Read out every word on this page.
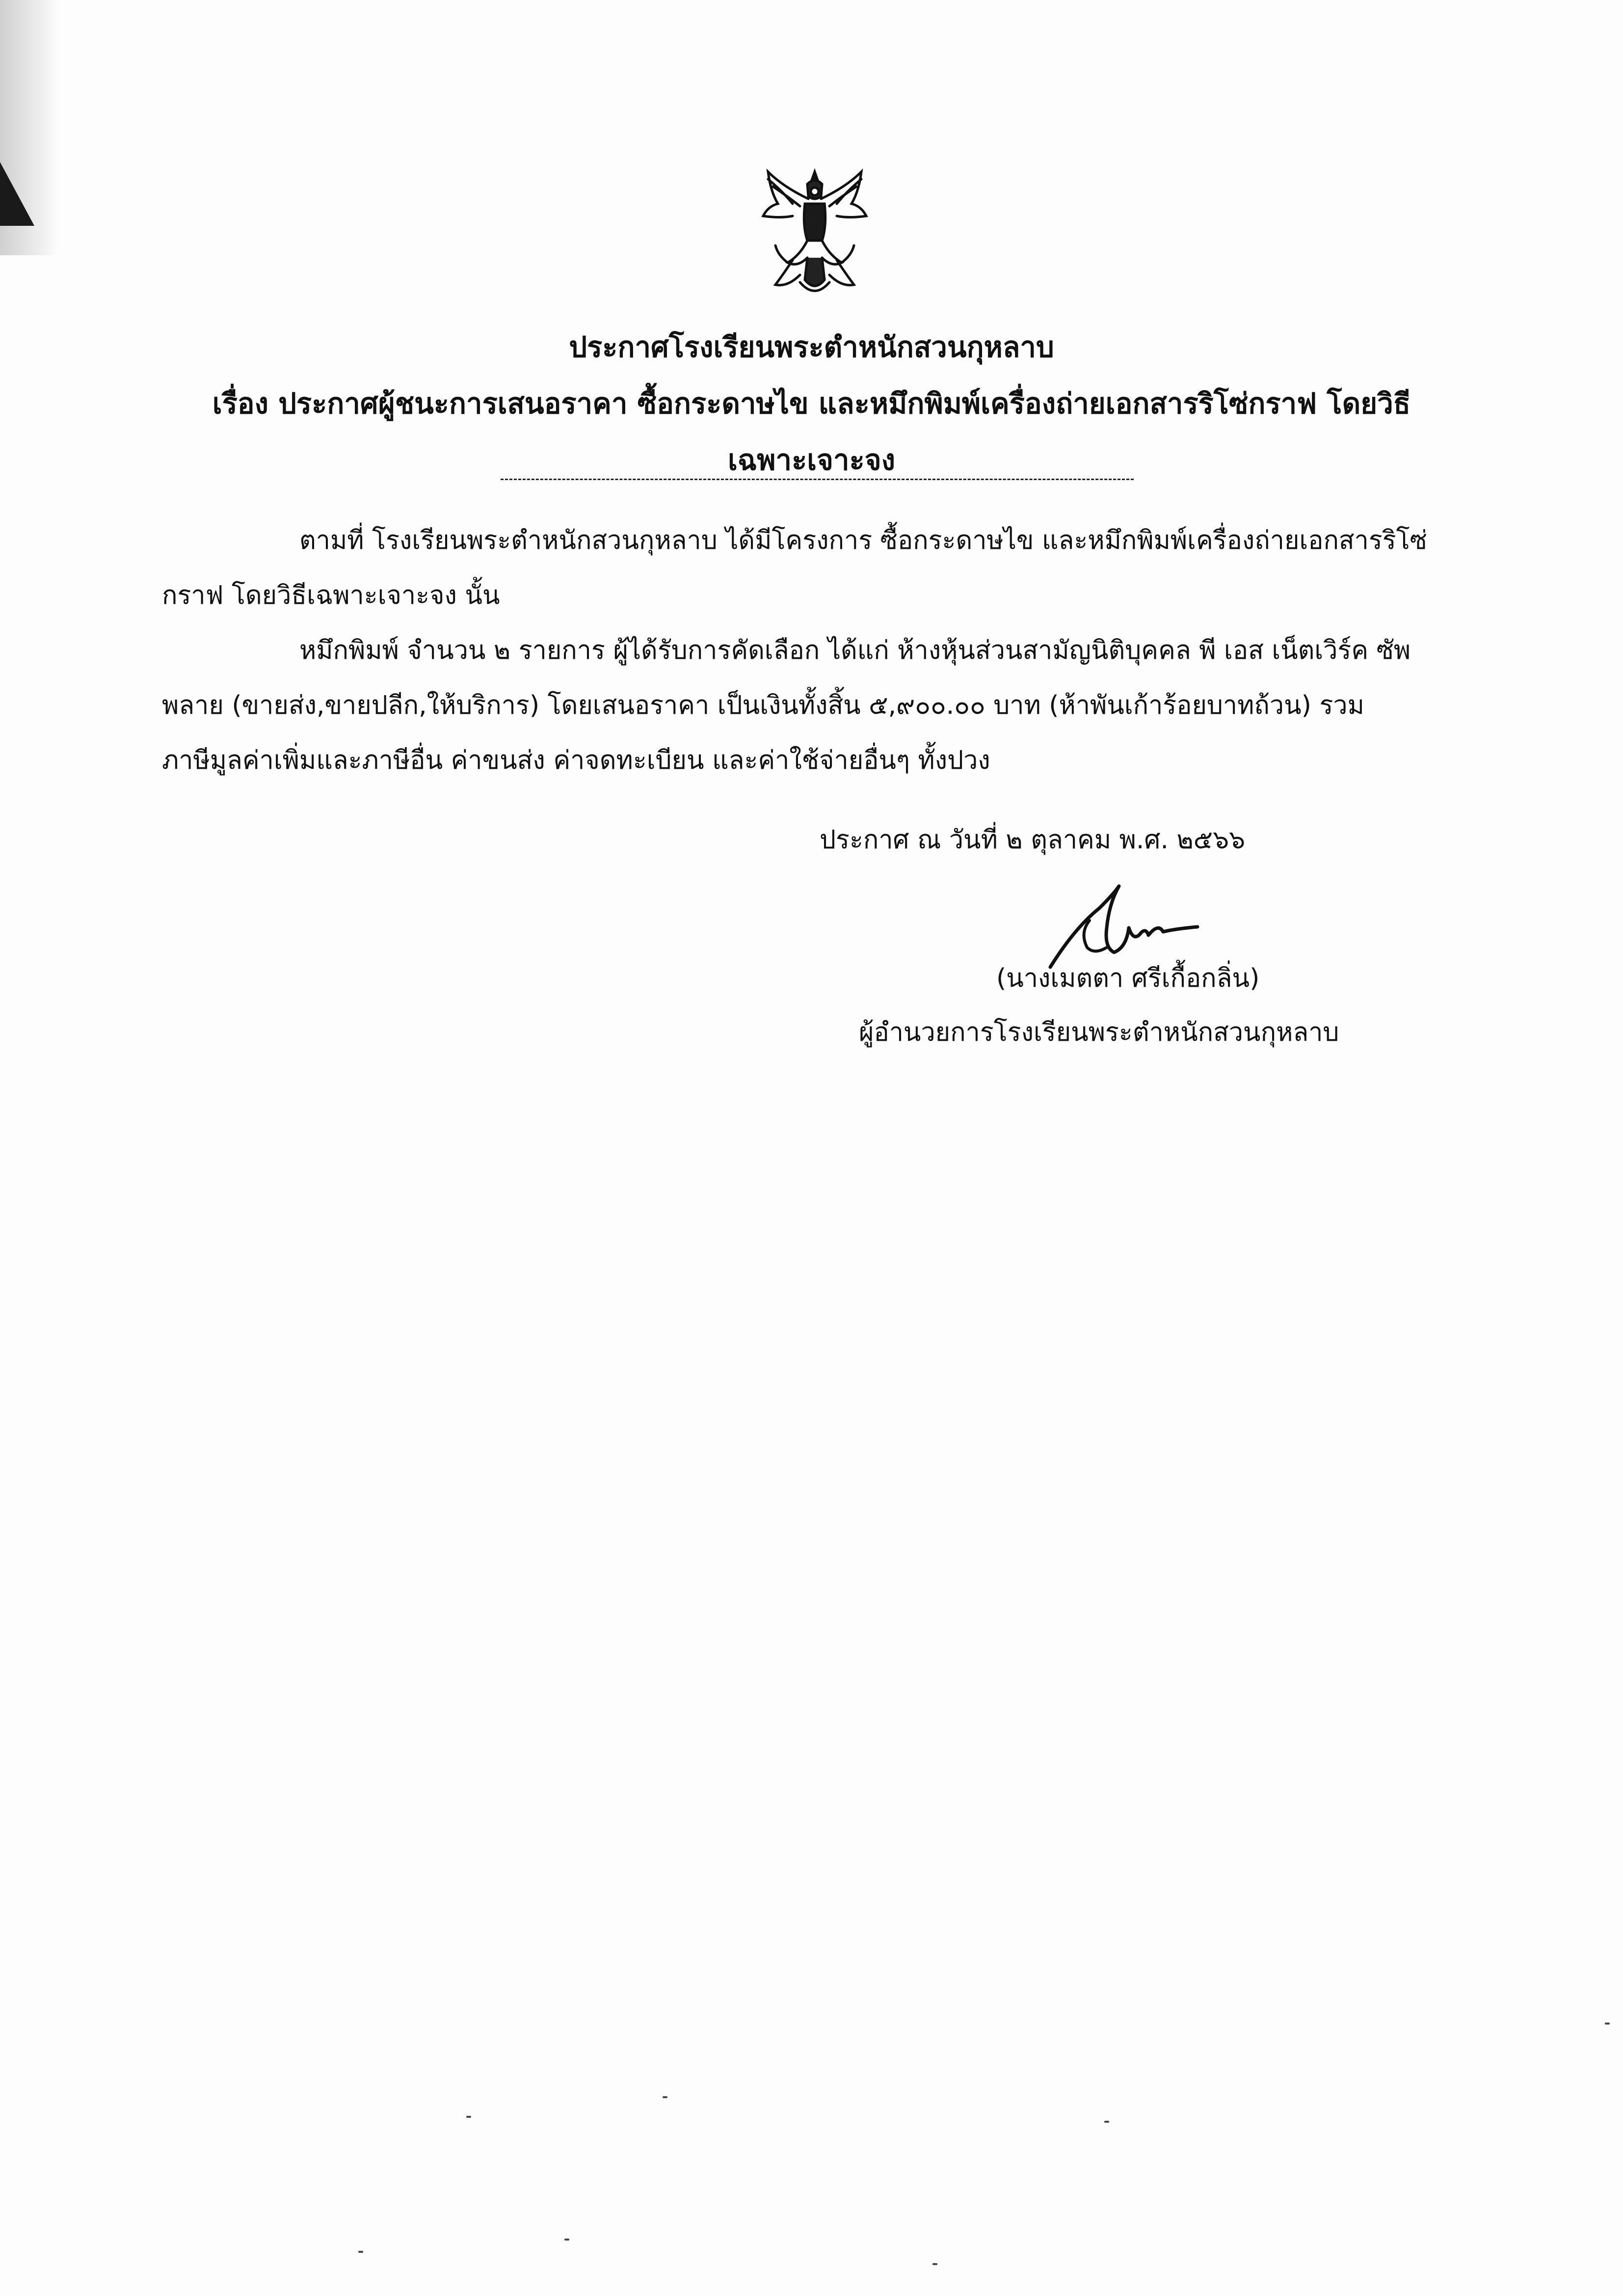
ประกาศโรงเรียนพระตำหนักสวนกุหลาบ
เรื่อง ประกาศผู้ชนะการเสนอราคา ซื้อกระดาษไข และหมึกพิมพ์เครื่องถ่ายเอกสารริโซ่กราฟ โดยวิธี
เฉพาะเจาะจง
ตามที่ โรงเรียนพระตำหนักสวนกุหลาบ ได้มีโครงการ ซื้อกระดาษไข และหมึกพิมพ์เครื่องถ่ายเอกสารริโซ่
กราฟ โดยวิธีเฉพาะเจาะจง นั้น
หมึกพิมพ์ จำนวน ๒ รายการ ผู้ได้รับการคัดเลือก ได้แก่ ห้างหุ้นส่วนสามัญนิติบุคคล พี เอส เน็ตเวิร์ค ซัพ
พลาย (ขายส่ง,ขายปลีก,ให้บริการ) โดยเสนอราคา เป็นเงินทั้งสิ้น ๕,๙๐๐.๐๐ บาท (ห้าพันเก้าร้อยบาทถ้วน) รวม
ภาษีมูลค่าเพิ่มและภาษีอื่น ค่าขนส่ง ค่าจดทะเบียน และค่าใช้จ่ายอื่นๆ ทั้งปวง
ประกาศ ณ วันที่ ๒ ตุลาคม พ.ศ. ๒๕๖๖
(นางเมตตา ศรีเกื้อกลิ่น)
ผู้อำนวยการโรงเรียนพระตำหนักสวนกุหลาบ
